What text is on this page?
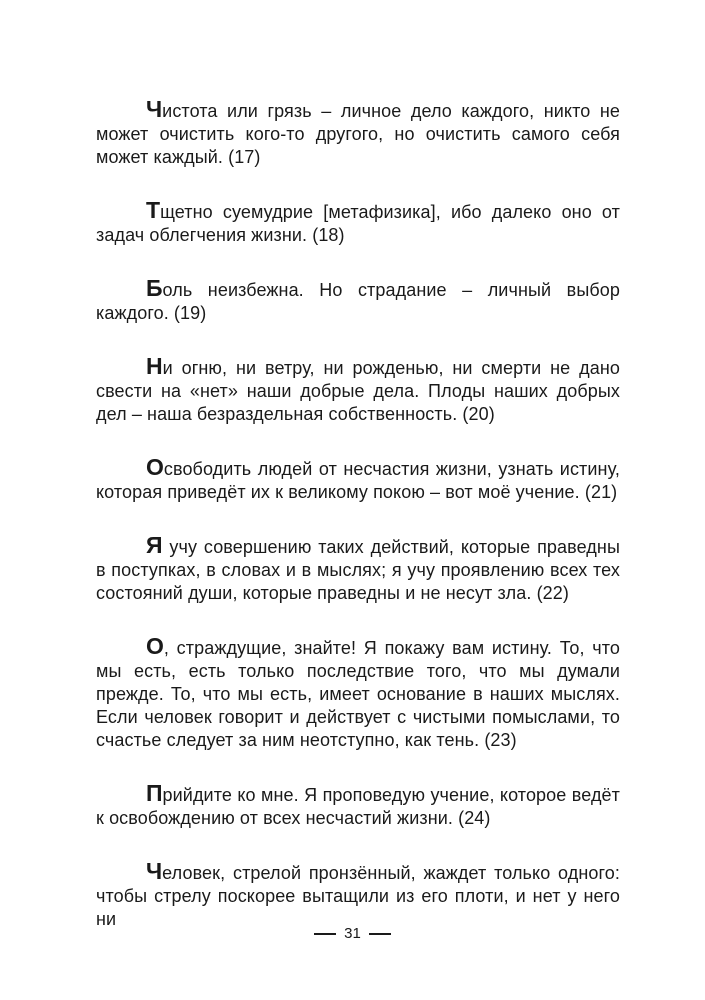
Чистота или грязь – личное дело каждого, никто не может очистить кого-то другого, но очистить самого себя может каждый. (17)

Тщетно суемудрие [метафизика], ибо далеко оно от задач облегчения жизни. (18)

Боль неизбежна. Но страдание – личный выбор каждого. (19)

Ни огню, ни ветру, ни рожденью, ни смерти не дано свести на «нет» наши добрые дела. Плоды наших добрых дел – наша безраздельная собственность. (20)

Освободить людей от несчастия жизни, узнать истину, которая приведёт их к великому покою – вот моё учение. (21)

Я учу совершению таких действий, которые праведны в поступках, в словах и в мыслях; я учу проявлению всех тех состояний души, которые праведны и не несут зла. (22)

О, страждущие, знайте! Я покажу вам истину. То, что мы есть, есть только последствие того, что мы думали прежде. То, что мы есть, имеет основание в наших мыслях. Если человек говорит и действует с чистыми помыслами, то счастье следует за ним неотступно, как тень. (23)

Прийдите ко мне. Я проповедую учение, которое ведёт к освобождению от всех несчастий жизни. (24)

Человек, стрелой пронзённый, жаждет только одного: чтобы стрелу поскорее вытащили из его плоти, и нет у него ни

31
